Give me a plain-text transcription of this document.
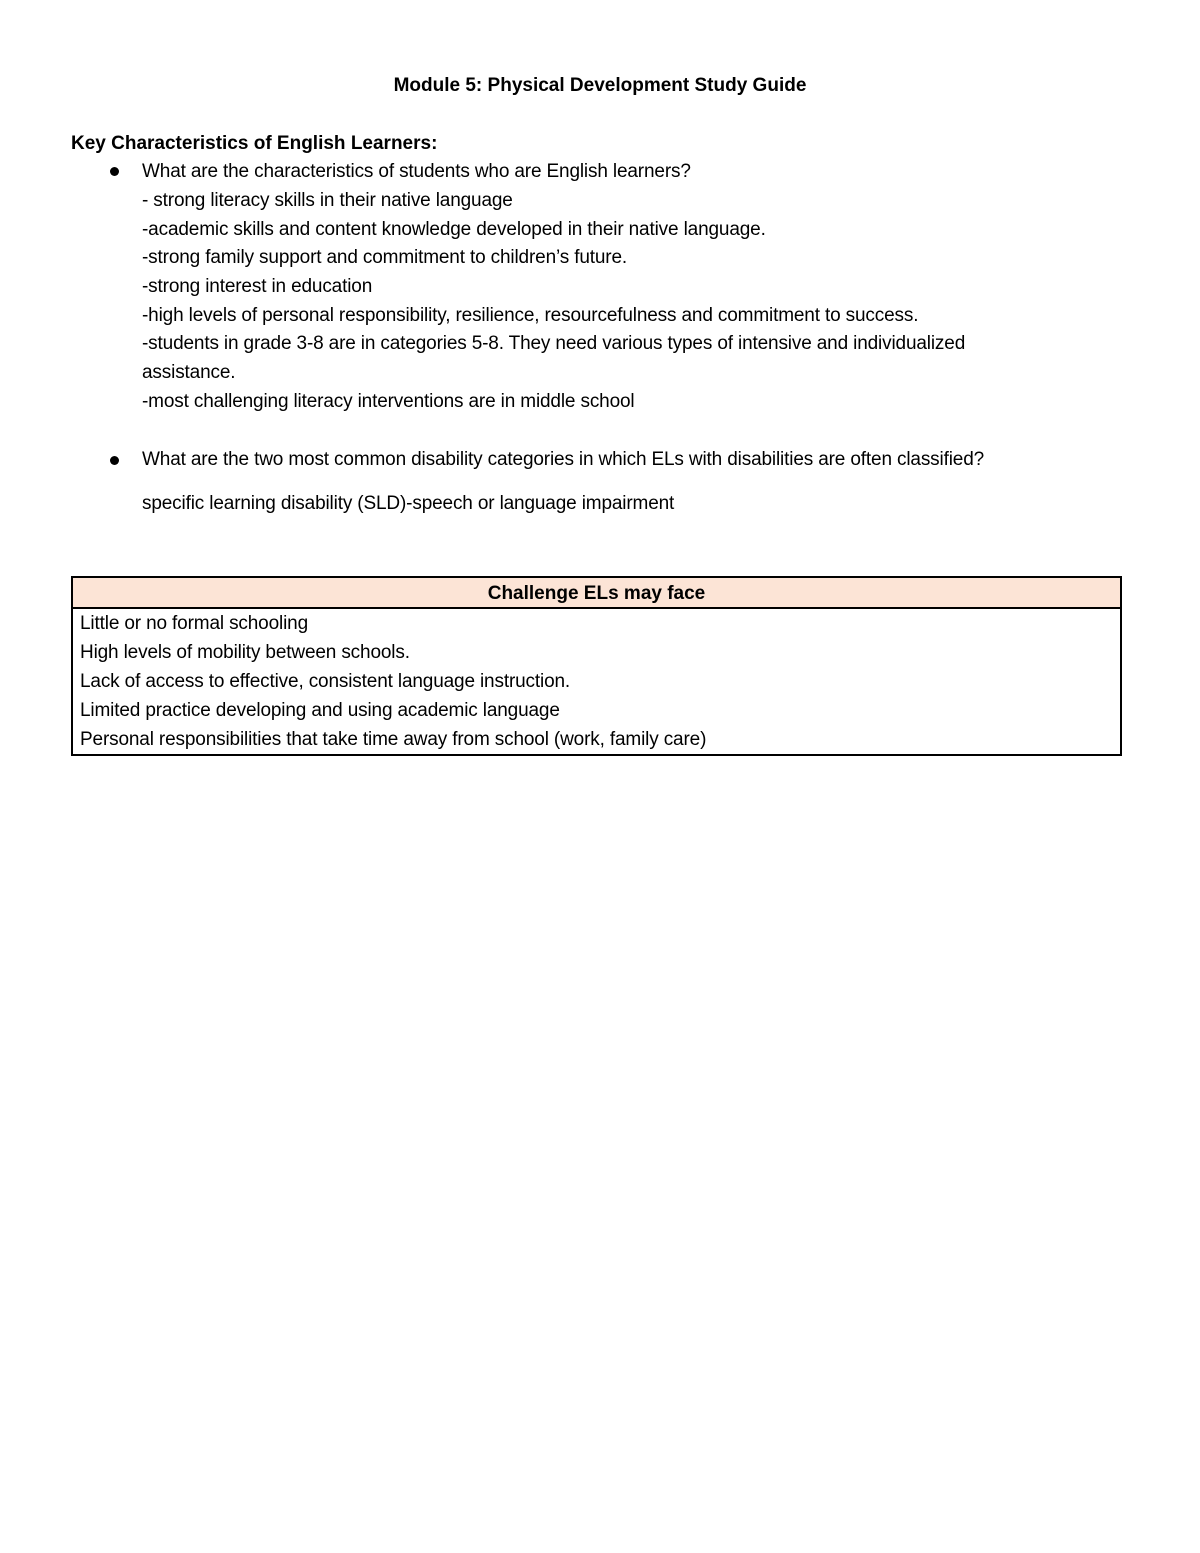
Module 5: Physical Development Study Guide
Key Characteristics of English Learners:
What are the characteristics of students who are English learners?
- strong literacy skills in their native language
-academic skills and content knowledge developed in their native language.
-strong family support and commitment to children’s future.
-strong interest in education
-high levels of personal responsibility, resilience, resourcefulness and commitment to success.
-students in grade 3-8 are in categories 5-8. They need various types of intensive and individualized
assistance.
-most challenging literacy interventions are in middle school
What are the two most common disability categories in which ELs with disabilities are often classified?
specific learning disability (SLD)-speech or language impairment
Challenge ELs may face
Little or no formal schooling
High levels of mobility between schools.
Lack of access to effective, consistent language instruction.
Limited practice developing and using academic language
Personal responsibilities that take time away from school (work, family care)
